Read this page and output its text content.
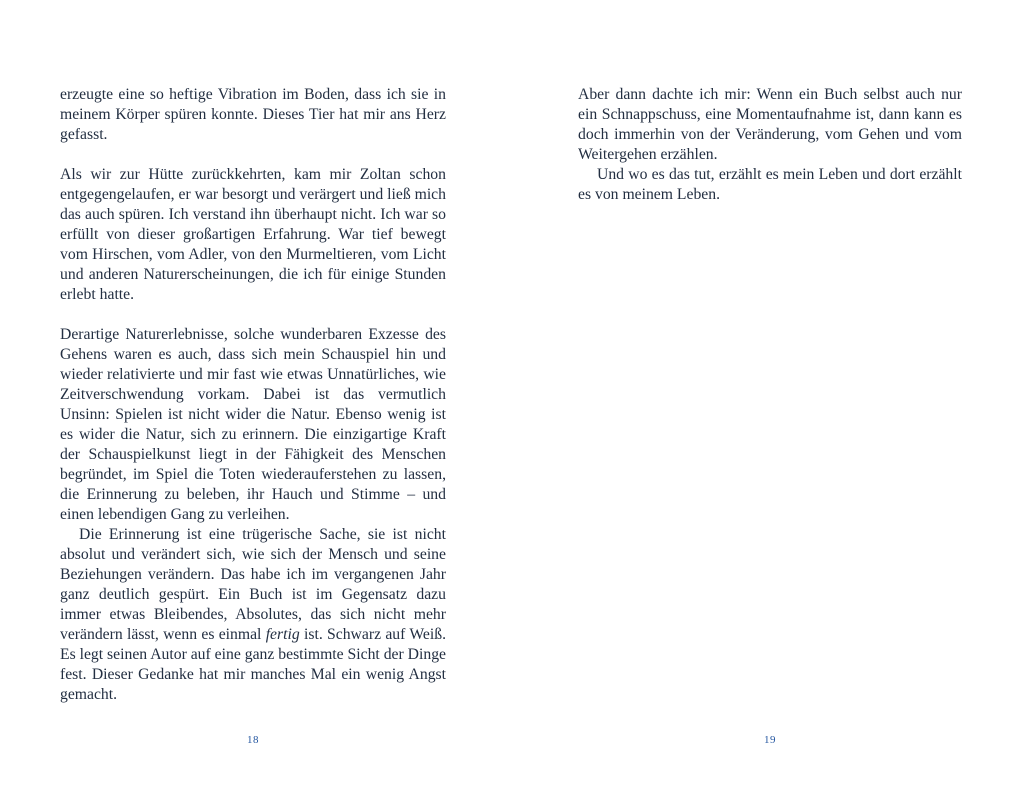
erzeugte eine so heftige Vibration im Boden, dass ich sie in meinem Körper spüren konnte. Dieses Tier hat mir ans Herz gefasst.

Als wir zur Hütte zurückkehrten, kam mir Zoltan schon entgegengelaufen, er war besorgt und verärgert und ließ mich das auch spüren. Ich verstand ihn überhaupt nicht. Ich war so erfüllt von dieser großartigen Erfahrung. War tief bewegt vom Hirschen, vom Adler, von den Murmeltieren, vom Licht und anderen Naturerscheinungen, die ich für einige Stunden erlebt hatte.

Derartige Naturerlebnisse, solche wunderbaren Exzesse des Gehens waren es auch, dass sich mein Schauspiel hin und wieder relativierte und mir fast wie etwas Unnatürliches, wie Zeitverschwendung vorkam. Dabei ist das vermutlich Unsinn: Spielen ist nicht wider die Natur. Ebenso wenig ist es wider die Natur, sich zu erinnern. Die einzigartige Kraft der Schauspielkunst liegt in der Fähigkeit des Menschen begründet, im Spiel die Toten wiederauferstehen zu lassen, die Erinnerung zu beleben, ihr Hauch und Stimme – und einen lebendigen Gang zu verleihen.

Die Erinnerung ist eine trügerische Sache, sie ist nicht absolut und verändert sich, wie sich der Mensch und seine Beziehungen verändern. Das habe ich im vergangenen Jahr ganz deutlich gespürt. Ein Buch ist im Gegensatz dazu immer etwas Bleibendes, Absolutes, das sich nicht mehr verändern lässt, wenn es einmal fertig ist. Schwarz auf Weiß. Es legt seinen Autor auf eine ganz bestimmte Sicht der Dinge fest. Dieser Gedanke hat mir manches Mal ein wenig Angst gemacht.

Aber dann dachte ich mir: Wenn ein Buch selbst auch nur ein Schnappschuss, eine Momentaufnahme ist, dann kann es doch immerhin von der Veränderung, vom Gehen und vom Weitergehen erzählen.

Und wo es das tut, erzählt es mein Leben und dort erzählt es von meinem Leben.

18	19
